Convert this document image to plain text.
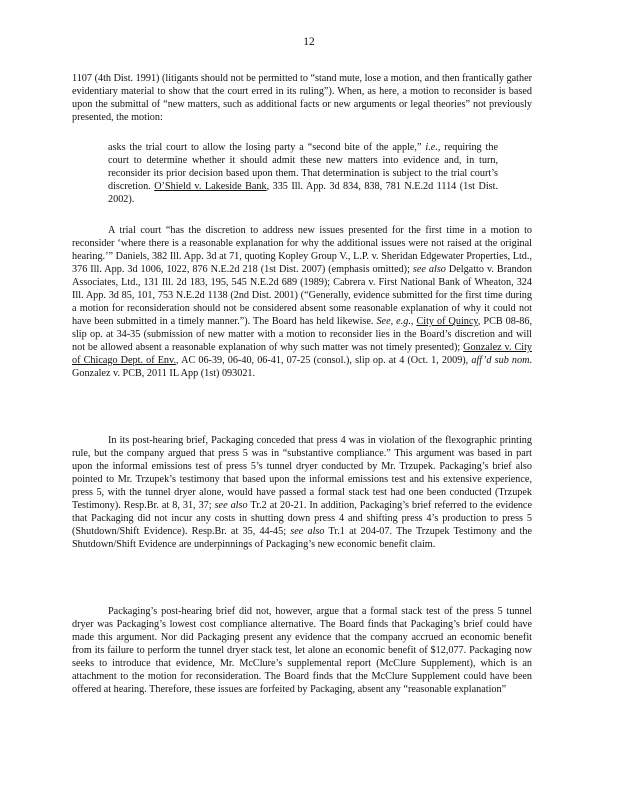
12

1107 (4th Dist. 1991) (litigants should not be permitted to “stand mute, lose a motion, and then frantically gather evidentiary material to show that the court erred in its ruling”). When, as here, a motion to reconsider is based upon the submittal of “new matters, such as additional facts or new arguments or legal theories” not previously presented, the motion:

asks the trial court to allow the losing party a “second bite of the apple,” i.e., requiring the court to determine whether it should admit these new matters into evidence and, in turn, reconsider its prior decision based upon them. That determination is subject to the trial court’s discretion. O’Shield v. Lakeside Bank, 335 Ill. App. 3d 834, 838, 781 N.E.2d 1114 (1st Dist. 2002).

A trial court “has the discretion to address new issues presented for the first time in a motion to reconsider ‘where there is a reasonable explanation for why the additional issues were not raised at the original hearing.’” Daniels, 382 Ill. App. 3d at 71, quoting Kopley Group V., L.P. v. Sheridan Edgewater Properties, Ltd., 376 Ill. App. 3d 1006, 1022, 876 N.E.2d 218 (1st Dist. 2007) (emphasis omitted); see also Delgatto v. Brandon Associates, Ltd., 131 Ill. 2d 183, 195, 545 N.E.2d 689 (1989); Cabrera v. First National Bank of Wheaton, 324 Ill. App. 3d 85, 101, 753 N.E.2d 1138 (2nd Dist. 2001) (“Generally, evidence submitted for the first time during a motion for reconsideration should not be considered absent some reasonable explanation of why it could not have been submitted in a timely manner.”). The Board has held likewise. See, e.g., City of Quincy, PCB 08-86, slip op. at 34-35 (submission of new matter with a motion to reconsider lies in the Board’s discretion and will not be allowed absent a reasonable explanation of why such matter was not timely presented); Gonzalez v. City of Chicago Dept. of Env., AC 06-39, 06-40, 06-41, 07-25 (consol.), slip op. at 4 (Oct. 1, 2009), aff’d sub nom. Gonzalez v. PCB, 2011 IL App (1st) 093021.

In its post-hearing brief, Packaging conceded that press 4 was in violation of the flexographic printing rule, but the company argued that press 5 was in “substantive compliance.” This argument was based in part upon the informal emissions test of press 5’s tunnel dryer conducted by Mr. Trzupek. Packaging’s brief also pointed to Mr. Trzupek’s testimony that based upon the informal emissions test and his extensive experience, press 5, with the tunnel dryer alone, would have passed a formal stack test had one been conducted (Trzupek Testimony). Resp.Br. at 8, 31, 37; see also Tr.2 at 20-21. In addition, Packaging’s brief referred to the evidence that Packaging did not incur any costs in shutting down press 4 and shifting press 4’s production to press 5 (Shutdown/Shift Evidence). Resp.Br. at 35, 44-45; see also Tr.1 at 204-07. The Trzupek Testimony and the Shutdown/Shift Evidence are underpinnings of Packaging’s new economic benefit claim.

Packaging’s post-hearing brief did not, however, argue that a formal stack test of the press 5 tunnel dryer was Packaging’s lowest cost compliance alternative. The Board finds that Packaging’s brief could have made this argument. Nor did Packaging present any evidence that the company accrued an economic benefit from its failure to perform the tunnel dryer stack test, let alone an economic benefit of $12,077. Packaging now seeks to introduce that evidence, Mr. McClure’s supplemental report (McClure Supplement), which is an attachment to the motion for reconsideration. The Board finds that the McClure Supplement could have been offered at hearing. Therefore, these issues are forfeited by Packaging, absent any “reasonable explanation”
